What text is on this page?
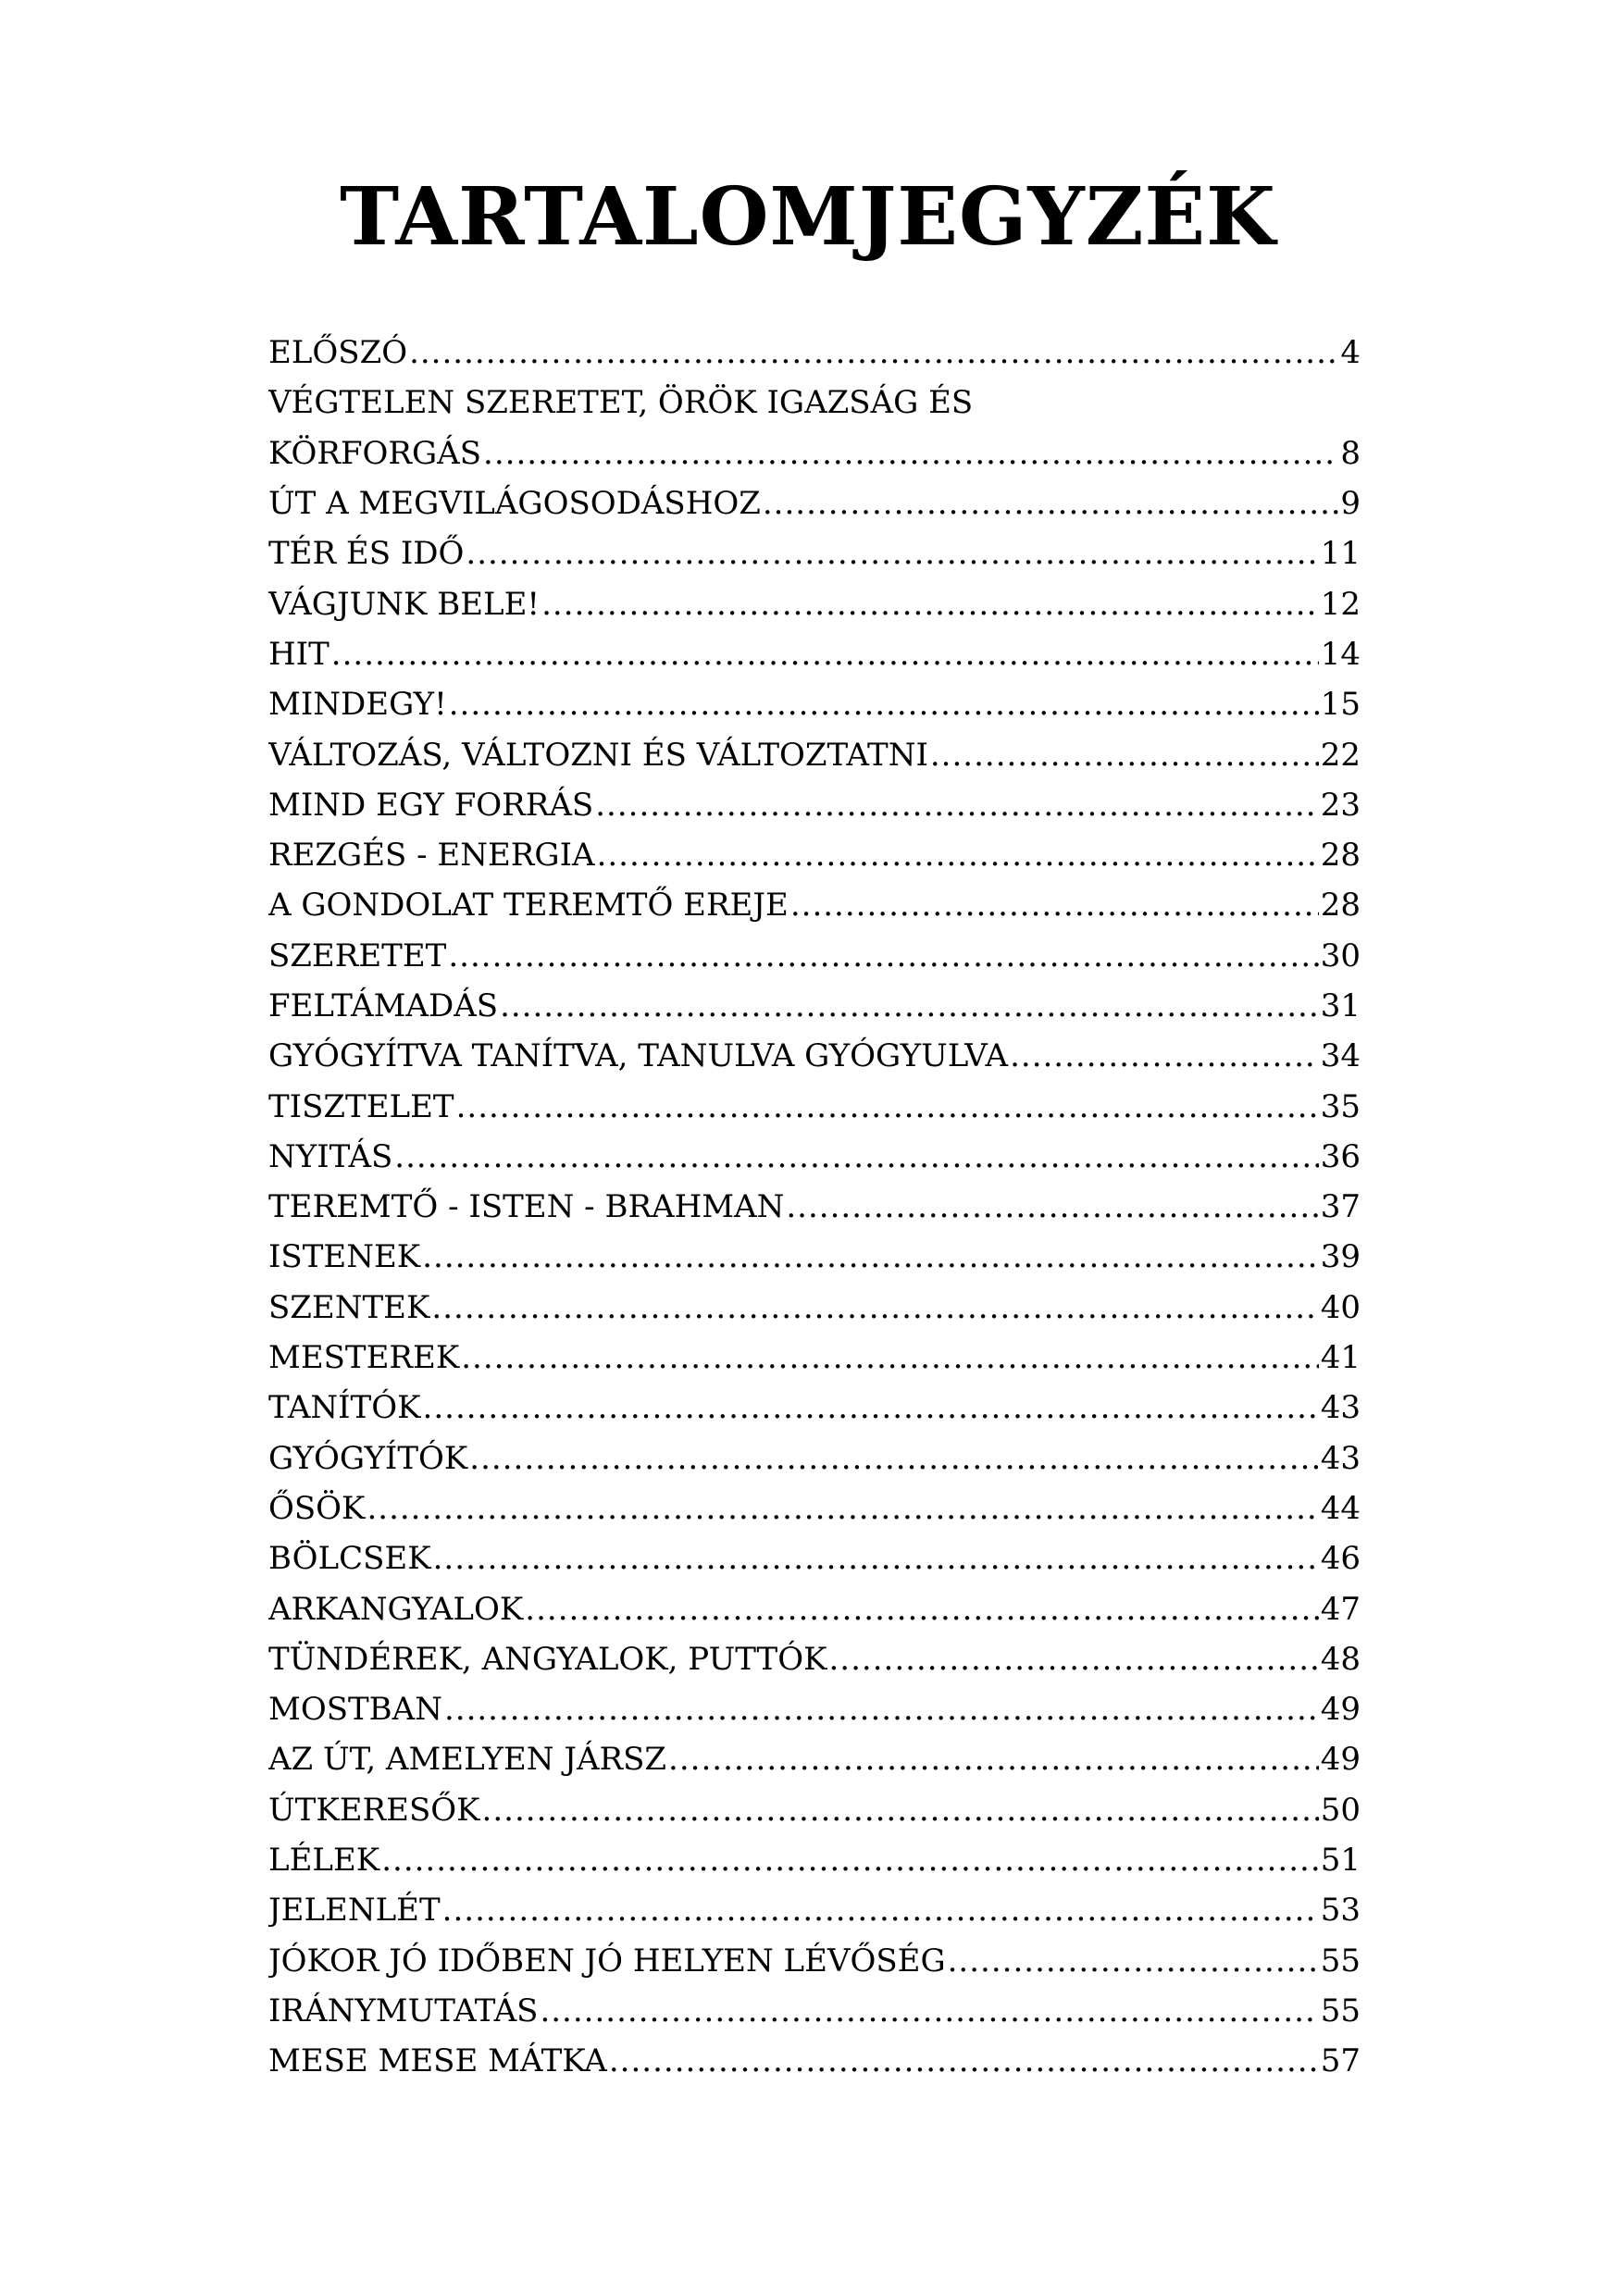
TARTALOMJEGYZÉK
ELŐSZÓ .....	4
VÉGTELEN SZERETET, ÖRÖK IGAZSÁG ÉS
KÖRFORGÁS .....	8
ÚT A MEGVILÁGOSODÁSHOZ .....	9
TÉR ÉS IDŐ .....	11
VÁGJUNK BELE! .....	12
HIT .....	14
MINDEGY! .....	15
VÁLTOZÁS, VÁLTOZNI ÉS VÁLTOZTATNI .....	22
MIND EGY FORRÁS .....	23
REZGÉS - ENERGIA .....	28
A GONDOLAT TEREMTŐ EREJE .....	28
SZERETET .....	30
FELTÁMADÁS .....	31
GYÓGYÍTVA TANÍTVA, TANULVA GYÓGYULVA .....	34
TISZTELET .....	35
NYITÁS .....	36
TEREMTŐ - ISTEN - BRAHMAN .....	37
ISTENEK .....	39
SZENTEK .....	40
MESTEREK .....	41
TANÍTÓK .....	43
GYÓGYÍTÓK .....	43
ŐSÖK .....	44
BÖLCSEK .....	46
ARKANGYALOK .....	47
TÜNDÉREK, ANGYALOK, PUTTÓK .....	48
MOSTBAN .....	49
AZ ÚT, AMELYEN JÁRSZ .....	49
ÚTKERESŐK .....	50
LÉLEK .....	51
JELENLÉT .....	53
JÓKOR JÓ IDŐBEN JÓ HELYEN LÉVŐSÉG .....	55
IRÁNYMUTATÁS .....	55
MESE MESE MÁTKA .....	57
